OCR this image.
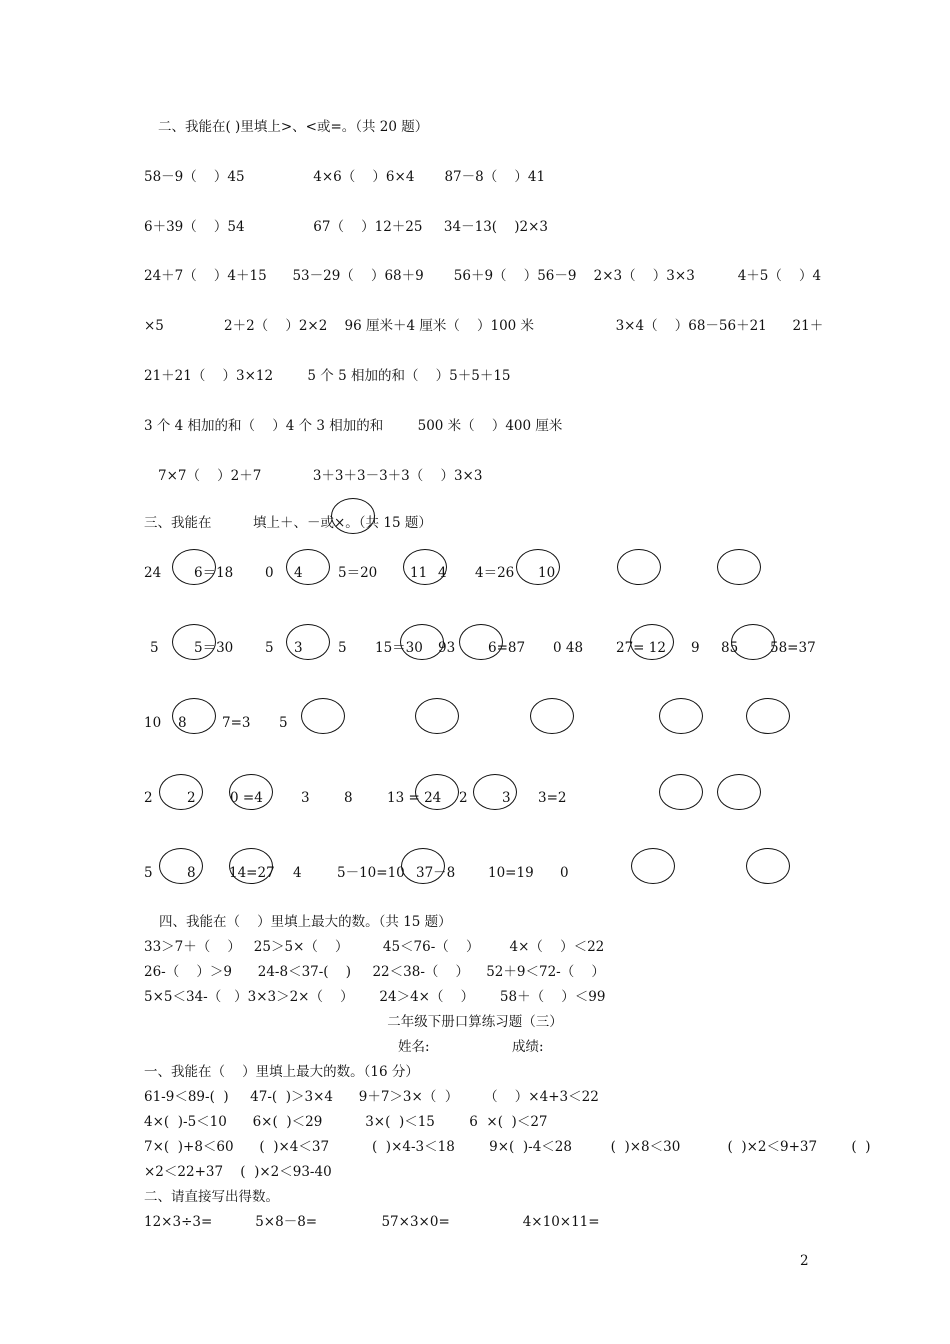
二、我能在( )里填上>、<或=。（共 20 题）
58－9（    ）45                4×6（    ）6×4       87－8（    ）41
6＋39（    ）54                67（    ）12＋25     34－13(    )2×3
24＋7（    ）4＋15      53－29（    ）68＋9       56＋9（    ）56－9    2×3（    ）3×3          4＋5（    ）4
×5              2＋2（    ）2×2    96 厘米＋4 厘米（    ）100 米                   3×4（    ）68－56＋21      21＋
21＋21（    ）3×12        5 个 5 相加的和（    ）5＋5＋15
3 个 4 相加的和（    ）4 个 3 相加的和        500 米（    ）400 厘米
7×7（    ）2＋7            3＋3＋3－3＋3（    ）3×3
三、我能在	填上＋、－或×。（共 15 题）
24 6＝18 0 4	5＝20 11 4 4＝26 10
5	5＝30 5 3	5 15＝30 93 6=87 0 48 27= 12 9 85 58=37
10 8	7=3 5
2	2	0 =4	3	8	13 = 24 2	3 3=2
5	8 14=27 4	5－10=10 37－8 10=19 0
四、我能在（    ）里填上最大的数。（共 15 题）
33＞7＋（    ）   25＞5×（    ）        45＜76-（    ）       4×（    ）＜22
26-（    ）＞9      24-8＜37-(    )     22＜38-（    ）    52＋9＜72-（    ）
5×5＜34-（   ）3×3＞2×（    ）      24＞4×（    ）      58＋（    ）＜99
二年级下册口算练习题（三）
姓名:	成绩:
一、我能在（    ）里填上最大的数。（16 分）
61-9＜89-(  )     47-(  )＞3×4      9＋7＞3×（  ）      （    ）×4+3＜22
4×(  )-5＜10      6×(  )＜29          3×(  )＜15        6  ×(  )＜27
7×(  )+8＜60      (  )×4＜37          (  )×4-3＜18        9×(  )-4＜28         (  )×8＜30           (  )×2＜9+37        (  )
×2＜22+37    (  )×2＜93-40
二、请直接写出得数。
12×3÷3=          5×8－8=               57×3×0=                 4×10×11=
2
